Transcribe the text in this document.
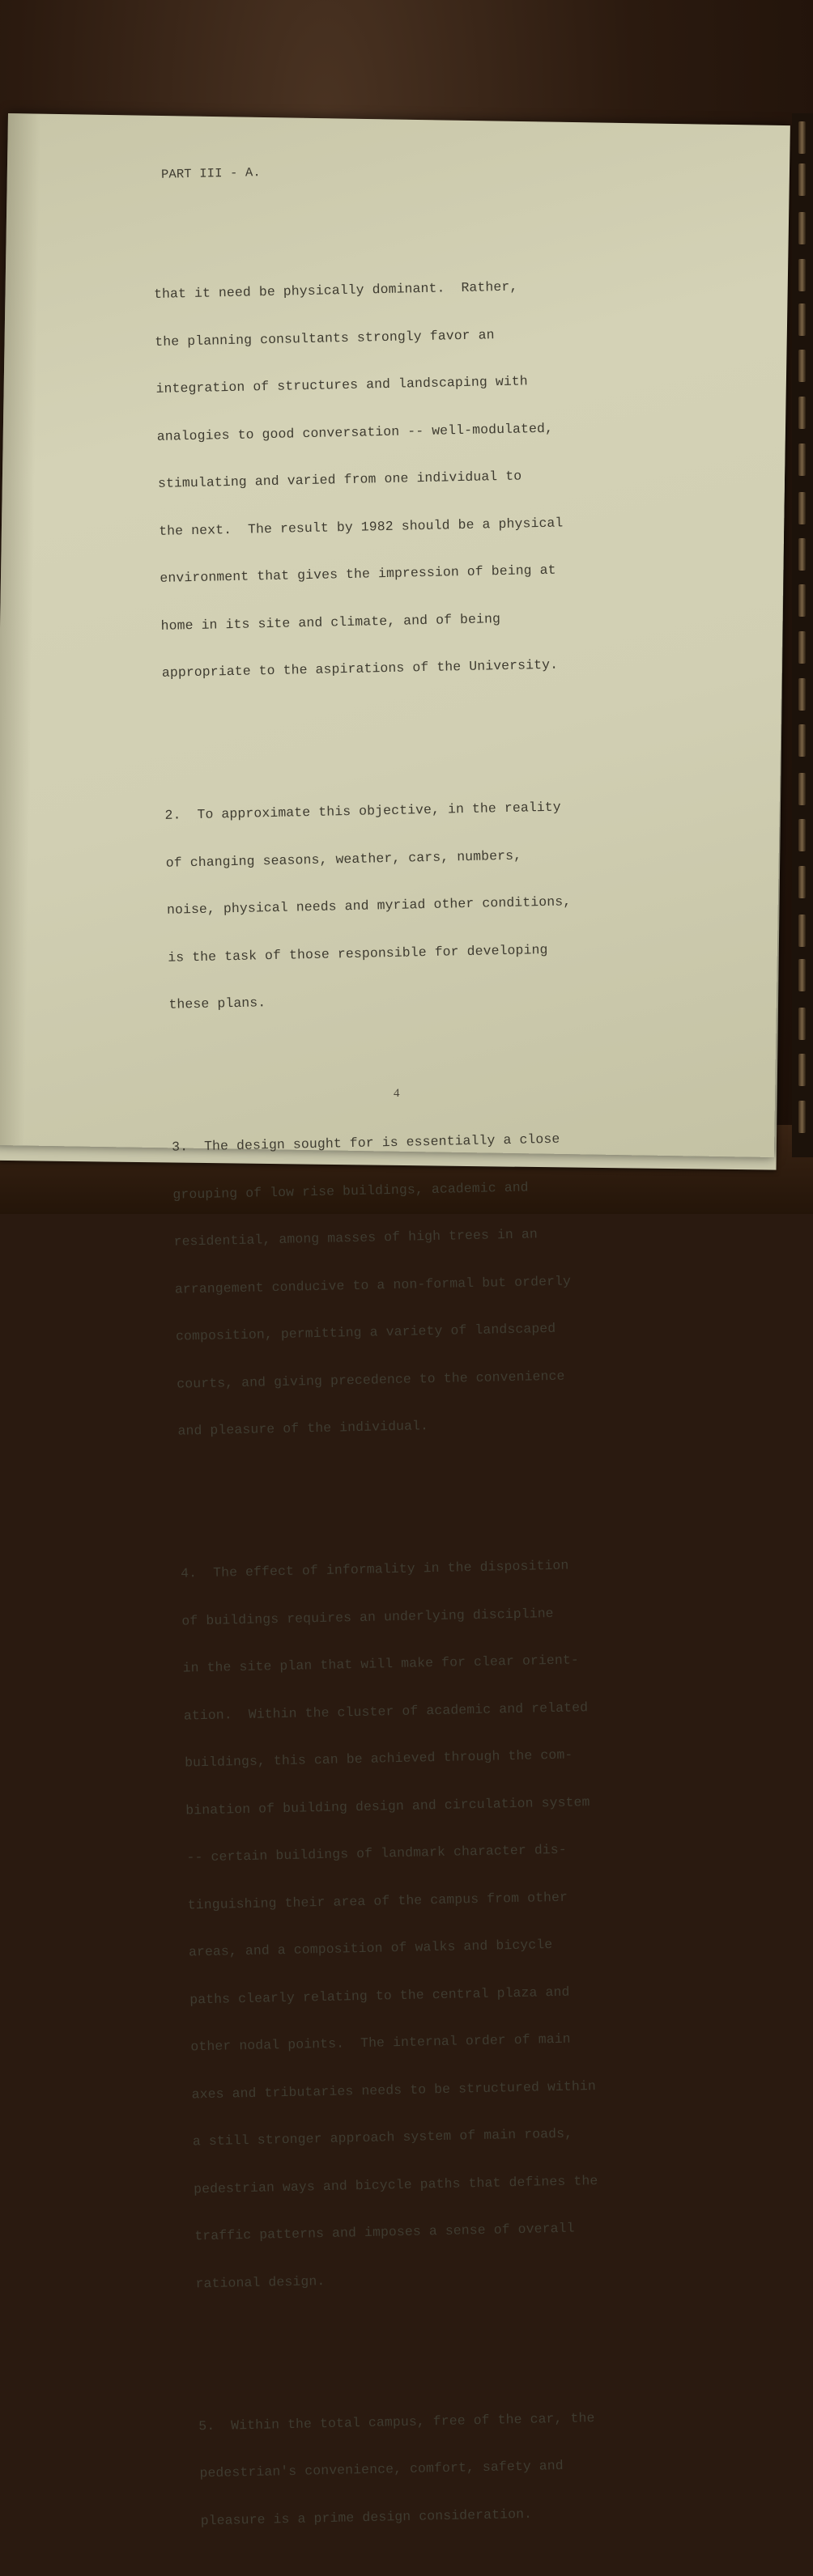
PART III - A.

that it need be physically dominant.  Rather,

the planning consultants strongly favor an

integration of structures and landscaping with

analogies to good conversation -- well-modulated,

stimulating and varied from one individual to

the next.  The result by 1982 should be a physical

environment that gives the impression of being at

home in its site and climate, and of being

appropriate to the aspirations of the University.

2.  To approximate this objective, in the reality

of changing seasons, weather, cars, numbers,

noise, physical needs and myriad other conditions,

is the task of those responsible for developing

these plans.

3.  The design sought for is essentially a close

grouping of low rise buildings, academic and

residential, among masses of high trees in an

arrangement conducive to a non-formal but orderly

composition, permitting a variety of landscaped

courts, and giving precedence to the convenience

and pleasure of the individual.

4.  The effect of informality in the disposition

of buildings requires an underlying discipline

in the site plan that will make for clear orient-

ation.  Within the cluster of academic and related

buildings, this can be achieved through the com-

bination of building design and circulation system

-- certain buildings of landmark character dis-

tinguishing their area of the campus from other

areas, and a composition of walks and bicycle

paths clearly relating to the central plaza and

other nodal points.  The internal order of main

axes and tributaries needs to be structured within

a still stronger approach system of main roads,

pedestrian ways and bicycle paths that defines the

traffic patterns and imposes a sense of overall

rational design.

5.  Within the total campus, free of the car, the

pedestrian's convenience, comfort, safety and

pleasure is a prime design consideration.

4
